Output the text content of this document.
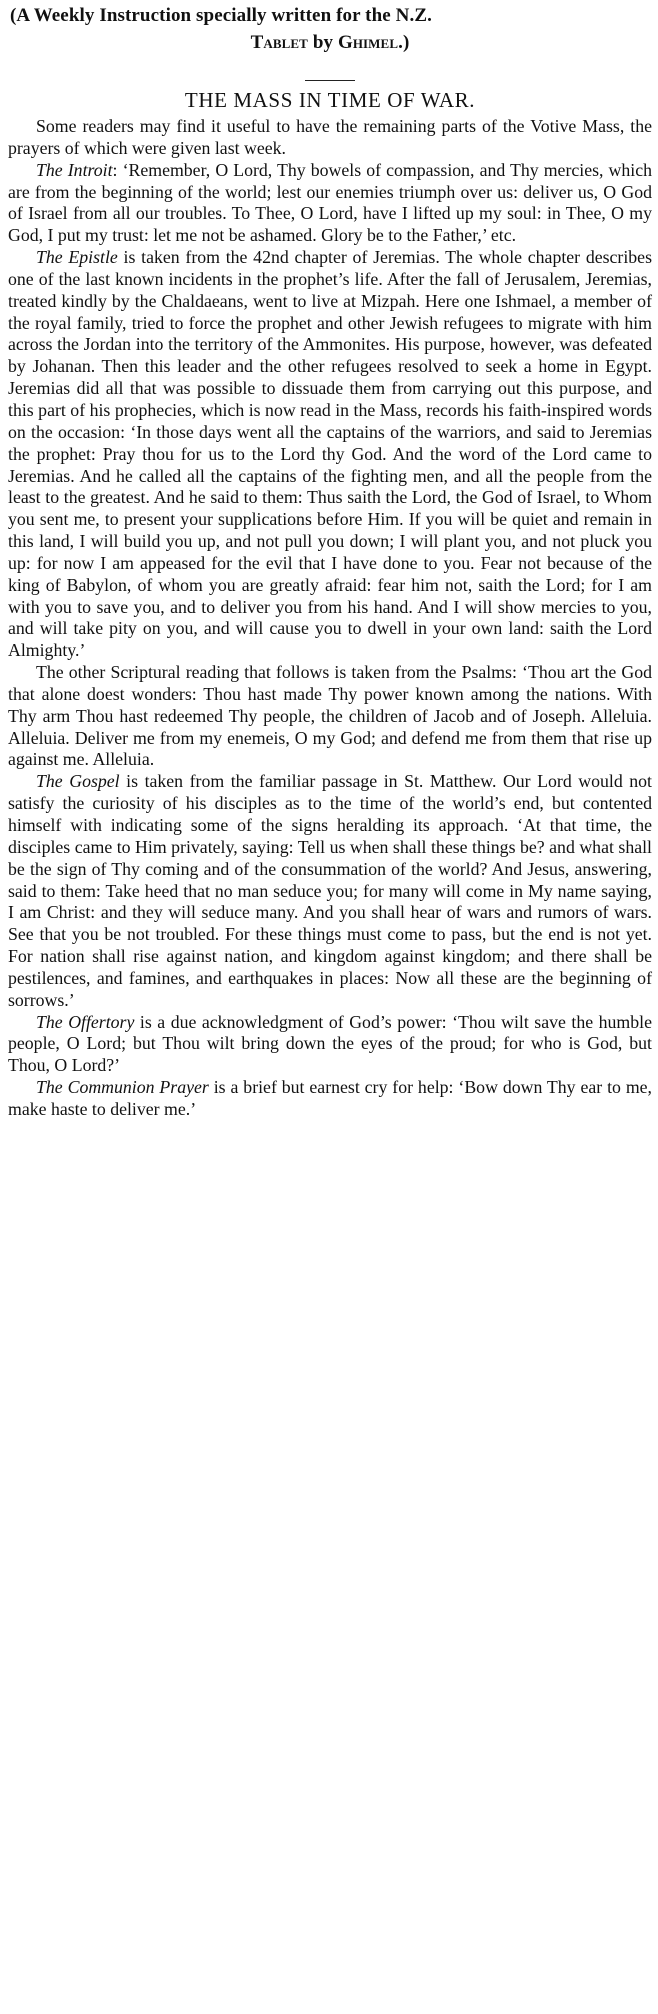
(A Weekly Instruction specially written for the N.Z.
Tablet by Ghimel.)
THE MASS IN TIME OF WAR.

Some readers may find it useful to have the remaining parts of the Votive Mass, the prayers of which were given last week.

The Introit: ‘Remember, O Lord, Thy bowels of compassion, and Thy mercies, which are from the beginning of the world; lest our enemies triumph over us: deliver us, O God of Israel from all our troubles. To Thee, O Lord, have I lifted up my soul: in Thee, O my God, I put my trust: let me not be ashamed. Glory be to the Father,’ etc.

The Epistle is taken from the 42nd chapter of Jeremias. The whole chapter describes one of the last known incidents in the prophet’s life. After the fall of Jerusalem, Jeremias, treated kindly by the Chaldaeans, went to live at Mizpah. Here one Ishmael, a member of the royal family, tried to force the prophet and other Jewish refugees to migrate with him across the Jordan into the territory of the Ammonites. His purpose, however, was defeated by Johanan. Then this leader and the other refugees resolved to seek a home in Egypt. Jeremias did all that was possible to dissuade them from carrying out this purpose, and this part of his prophecies, which is now read in the Mass, records his faith-inspired words on the occasion: ‘In those days went all the captains of the warriors, and said to Jeremias the prophet: Pray thou for us to the Lord thy God. And the word of the Lord came to Jeremias. And he called all the captains of the fighting men, and all the people from the least to the greatest. And he said to them: Thus saith the Lord, the God of Israel, to Whom you sent me, to present your supplications before Him. If you will be quiet and remain in this land, I will build you up, and not pull you down; I will plant you, and not pluck you up: for now I am appeased for the evil that I have done to you. Fear not because of the king of Babylon, of whom you are greatly afraid: fear him not, saith the Lord; for I am with you to save you, and to deliver you from his hand. And I will show mercies to you, and will take pity on you, and will cause you to dwell in your own land: saith the Lord Almighty.’

The other Scriptural reading that follows is taken from the Psalms: ‘Thou art the God that alone doest wonders: Thou hast made Thy power known among the nations. With Thy arm Thou hast redeemed Thy people, the children of Jacob and of Joseph. Alleluia. Alleluia. Deliver me from my enemeis, O my God; and defend me from them that rise up against me. Alleluia.

The Gospel is taken from the familiar passage in St. Matthew. Our Lord would not satisfy the curiosity of his disciples as to the time of the world’s end, but contented himself with indicating some of the signs heralding its approach. ‘At that time, the disciples came to Him privately, saying: Tell us when shall these things be? and what shall be the sign of Thy coming and of the consummation of the world? And Jesus, answering, said to them: Take heed that no man seduce you; for many will come in My name saying, I am Christ: and they will seduce many. And you shall hear of wars and rumors of wars. See that you be not troubled. For these things must come to pass, but the end is not yet. For nation shall rise against nation, and kingdom against kingdom; and there shall be pestilences, and famines, and earthquakes in places: Now all these are the beginning of sorrows.’

The Offertory is a due acknowledgment of God’s power: ‘Thou wilt save the humble people, O Lord; but Thou wilt bring down the eyes of the proud; for who is God, but Thou, O Lord?’

The Communion Prayer is a brief but earnest cry for help: ‘Bow down Thy ear to me, make haste to deliver me.’
